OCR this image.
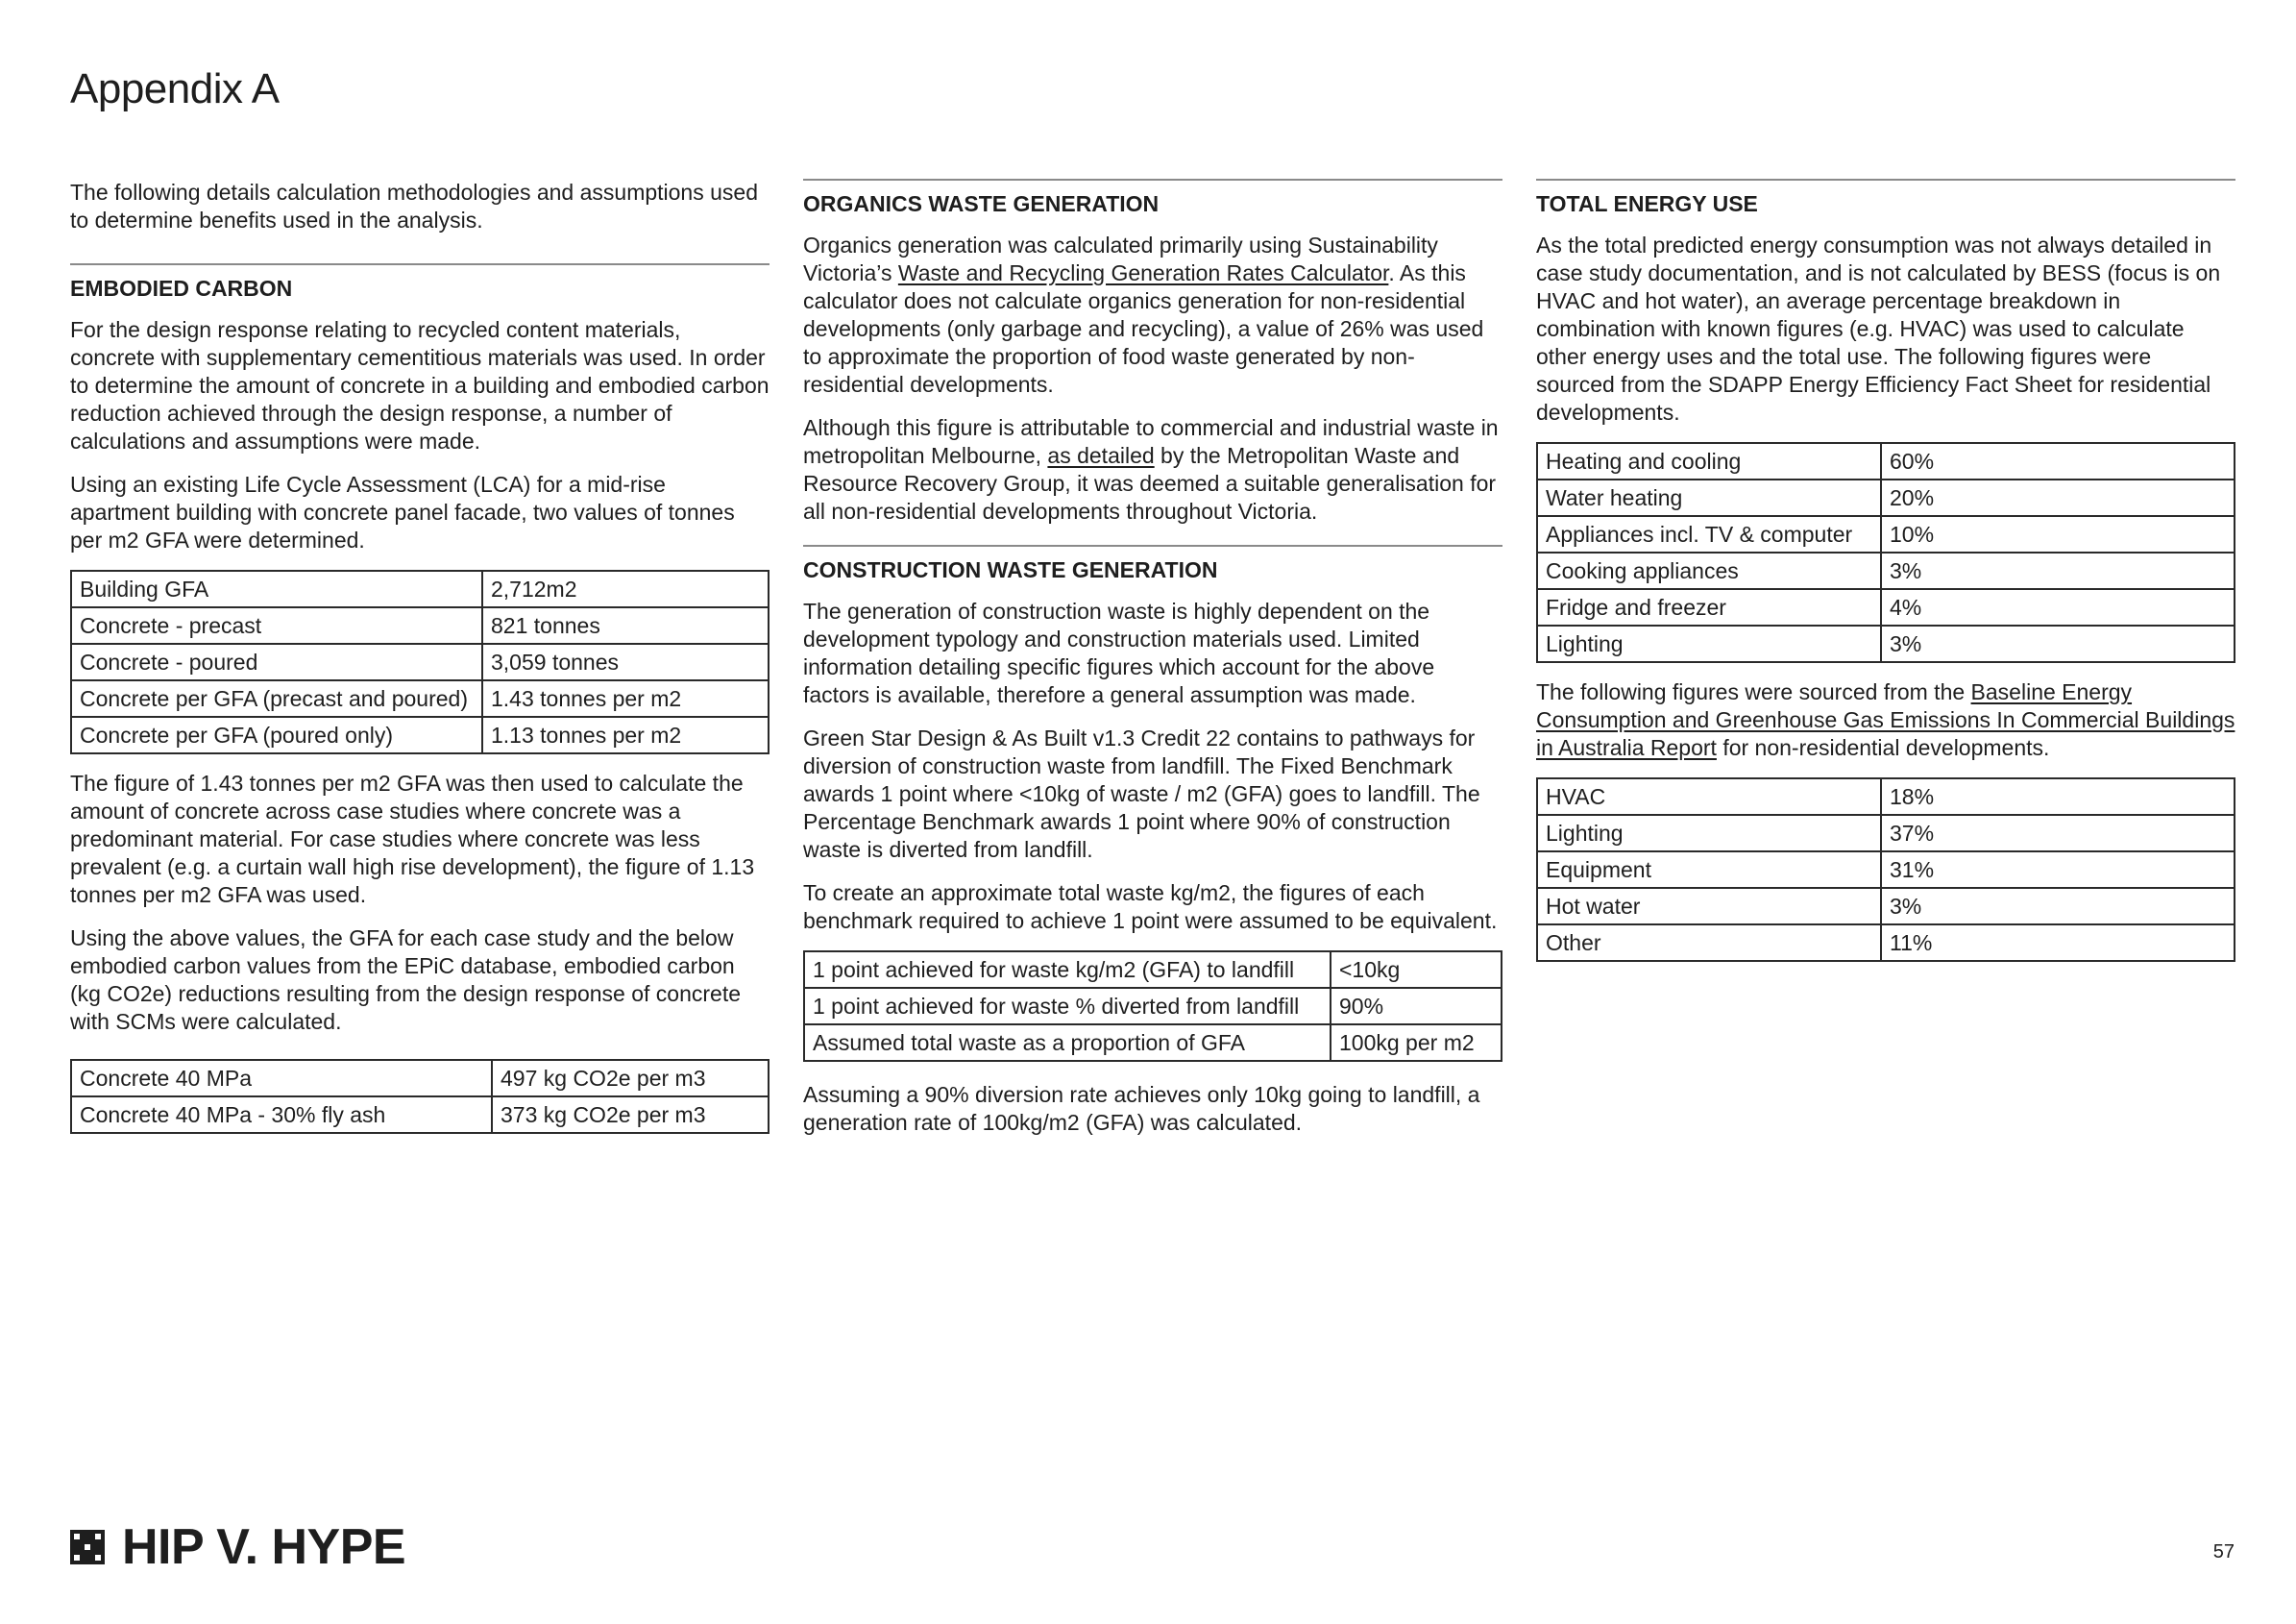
Appendix A

The following details calculation methodologies and assumptions used to determine benefits used in the analysis.

EMBODIED CARBON

For the design response relating to recycled content materials, concrete with supplementary cementitious materials was used. In order to determine the amount of concrete in a building and embodied carbon reduction achieved through the design response, a number of calculations and assumptions were made.

Using an existing Life Cycle Assessment (LCA) for a mid-rise apartment building with concrete panel facade, two values of tonnes per m2 GFA were determined.

Building GFA	2,712m2
Concrete - precast	821 tonnes
Concrete - poured	3,059 tonnes
Concrete per GFA (precast and poured)	1.43 tonnes per m2
Concrete per GFA (poured only)	1.13 tonnes per m2

The figure of 1.43 tonnes per m2 GFA was then used to calculate the amount of concrete across case studies where concrete was a predominant material. For case studies where concrete was less prevalent (e.g. a curtain wall high rise development), the figure of 1.13 tonnes per m2 GFA was used.

Using the above values, the GFA for each case study and the below embodied carbon values from the EPiC database, embodied carbon (kg CO2e) reductions resulting from the design response of concrete with SCMs were calculated.

Concrete 40 MPa	497 kg CO2e per m3
Concrete 40 MPa - 30% fly ash	373 kg CO2e per m3
ORGANICS WASTE GENERATION

Organics generation was calculated primarily using Sustainability Victoria’s Waste and Recycling Generation Rates Calculator. As this calculator does not calculate organics generation for non-residential developments (only garbage and recycling), a value of 26% was used to approximate the proportion of food waste generated by non-residential developments.

Although this figure is attributable to commercial and industrial waste in metropolitan Melbourne, as detailed by the Metropolitan Waste and Resource Recovery Group, it was deemed a suitable generalisation for all non-residential developments throughout Victoria.

CONSTRUCTION WASTE GENERATION

The generation of construction waste is highly dependent on the development typology and construction materials used. Limited information detailing specific figures which account for the above factors is available, therefore a general assumption was made.

Green Star Design & As Built v1.3 Credit 22 contains to pathways for diversion of construction waste from landfill. The Fixed Benchmark awards 1 point where <10kg of waste / m2 (GFA) goes to landfill. The Percentage Benchmark awards 1 point where 90% of construction waste is diverted from landfill.

To create an approximate total waste kg/m2, the figures of each benchmark required to achieve 1 point were assumed to be equivalent.

1 point achieved for waste kg/m2 (GFA) to landfill	<10kg
1 point achieved for waste % diverted from landfill	90%
Assumed total waste as a proportion of GFA	100kg per m2

Assuming a 90% diversion rate achieves only 10kg going to landfill, a generation rate of 100kg/m2 (GFA) was calculated.

TOTAL ENERGY USE

As the total predicted energy consumption was not always detailed in case study documentation, and is not calculated by BESS (focus is on HVAC and hot water), an average percentage breakdown in combination with known figures (e.g. HVAC) was used to calculate other energy uses and the total use. The following figures were sourced from the SDAPP Energy Efficiency Fact Sheet for residential developments.

Heating and cooling	60%
Water heating	20%
Appliances incl. TV & computer	10%
Cooking appliances	3%
Fridge and freezer	4%
Lighting	3%

The following figures were sourced from the Baseline Energy Consumption and Greenhouse Gas Emissions In Commercial Buildings in Australia Report for non-residential developments.

HVAC	18%
Lighting	37%
Equipment	31%
Hot water	3%
Other	11%
HIP V. HYPE	57
